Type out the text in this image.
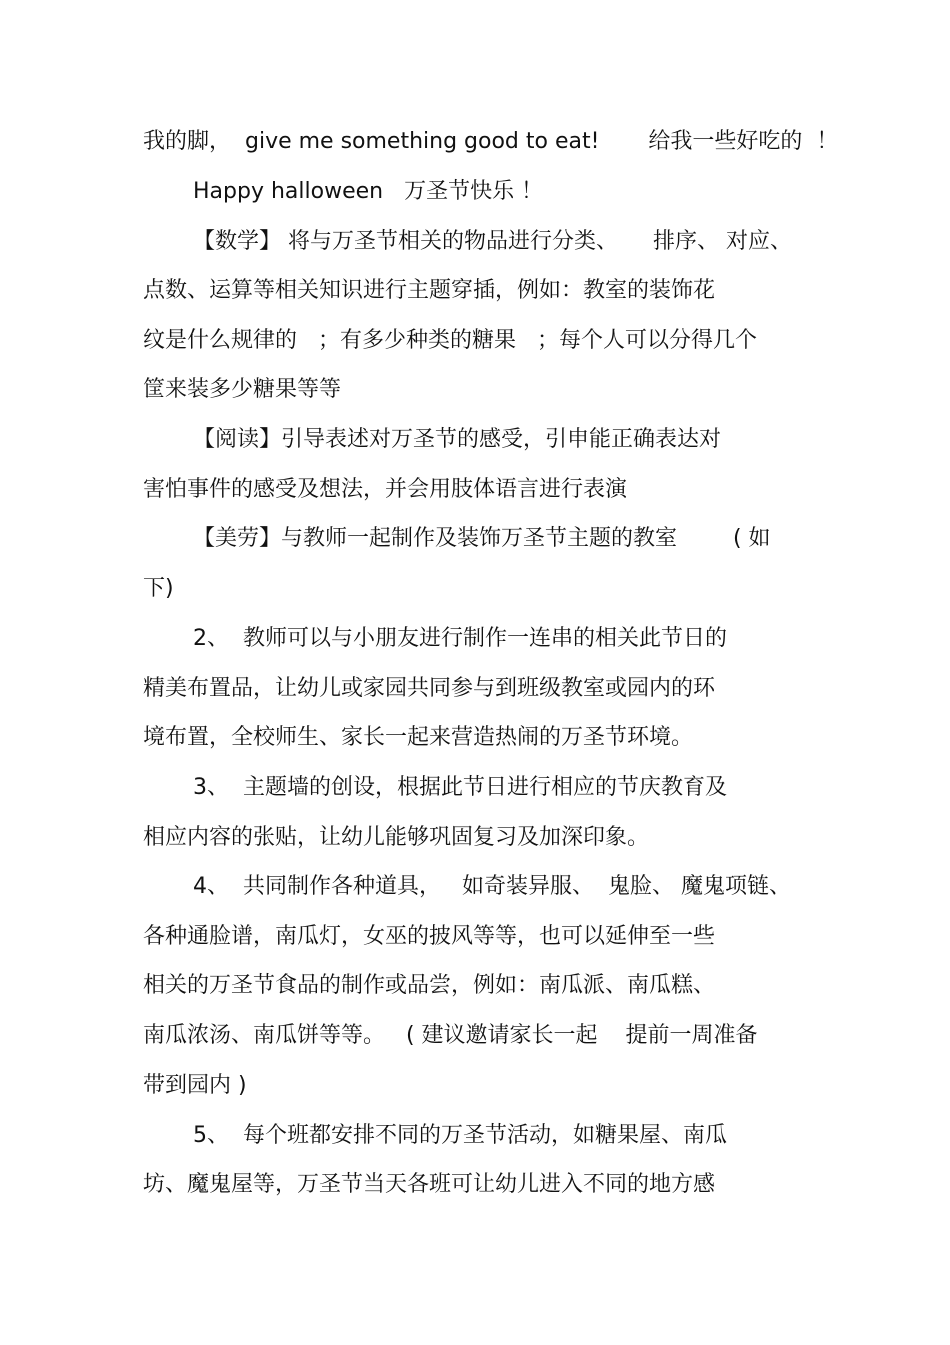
我的脚，  give me something good to eat!       给我一些好吃的  ！
Happy halloween   万圣节快乐 ！
【数学】 将与万圣节相关的物品进行分类、     排序、 对应、
点数、运算等相关知识进行主题穿插，例如：教室的装饰花
纹是什么规律的   ；有多少种类的糖果   ；每个人可以分得几个
筐来装多少糖果等等
【阅读】引导表述对万圣节的感受，引申能正确表达对
害怕事件的感受及想法，并会用肢体语言进行表演
【美劳】与教师一起制作及装饰万圣节主题的教室        ( 如
下)
2、  教师可以与小朋友进行制作一连串的相关此节日的
精美布置品，让幼儿或家园共同参与到班级教室或园内的环
境布置，全校师生、家长一起来营造热闹的万圣节环境。
3、  主题墙的创设，根据此节日进行相应的节庆教育及
相应内容的张贴，让幼儿能够巩固复习及加深印象。
4、  共同制作各种道具，   如奇装异服、  鬼脸、 魔鬼项链、
各种通脸谱，南瓜灯，女巫的披风等等，也可以延伸至一些
相关的万圣节食品的制作或品尝，例如：南瓜派、南瓜糕、
南瓜浓汤、南瓜饼等等。   ( 建议邀请家长一起    提前一周准备
带到园内 )
5、  每个班都安排不同的万圣节活动，如糖果屋、南瓜
坊、魔鬼屋等，万圣节当天各班可让幼儿进入不同的地方感
